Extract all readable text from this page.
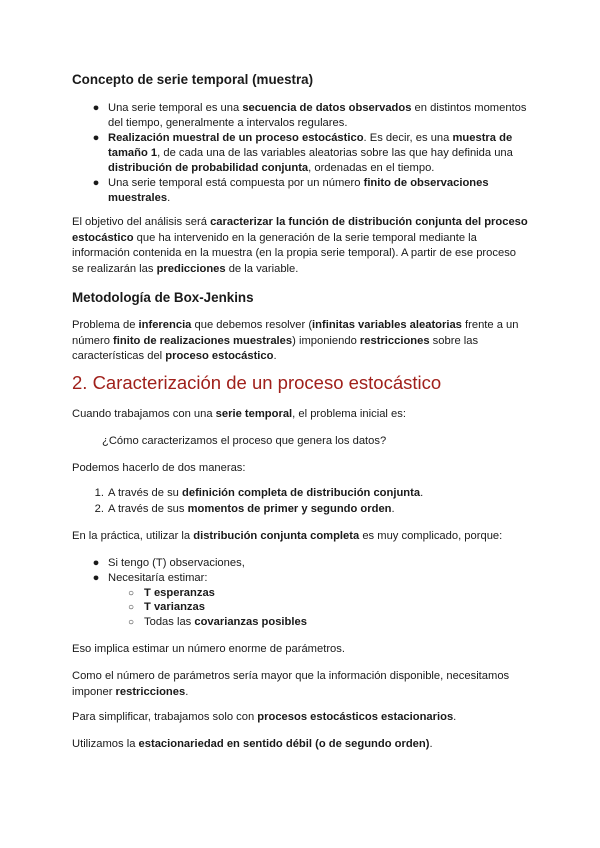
Concepto de serie temporal (muestra)
● Una serie temporal es una secuencia de datos observados en distintos momentos
del tiempo, generalmente a intervalos regulares.
● Realización muestral de un proceso estocástico. Es decir, es una muestra de
tamaño 1, de cada una de las variables aleatorias sobre las que hay definida una
distribución de probabilidad conjunta, ordenadas en el tiempo.
● Una serie temporal está compuesta por un número finito de observaciones
muestrales.
El objetivo del análisis será caracterizar la función de distribución conjunta del proceso
estocástico que ha intervenido en la generación de la serie temporal mediante la
información contenida en la muestra (en la propia serie temporal). A partir de ese proceso
se realizarán las predicciones de la variable.
Metodología de Box-Jenkins
Problema de inferencia que debemos resolver (infinitas variables aleatorias frente a un
número finito de realizaciones muestrales) imponiendo restricciones sobre las
características del proceso estocástico.
2. Caracterización de un proceso estocástico
Cuando trabajamos con una serie temporal, el problema inicial es:
¿Cómo caracterizamos el proceso que genera los datos?
Podemos hacerlo de dos maneras:
1. A través de su definición completa de distribución conjunta.
2. A través de sus momentos de primer y segundo orden.
En la práctica, utilizar la distribución conjunta completa es muy complicado, porque:
● Si tengo (T) observaciones,
● Necesitaría estimar:
○ T esperanzas
○ T varianzas
○ Todas las covarianzas posibles
Eso implica estimar un número enorme de parámetros.
Como el número de parámetros sería mayor que la información disponible, necesitamos
imponer restricciones.
Para simplificar, trabajamos solo con procesos estocásticos estacionarios.
Utilizamos la estacionariedad en sentido débil (o de segundo orden).
